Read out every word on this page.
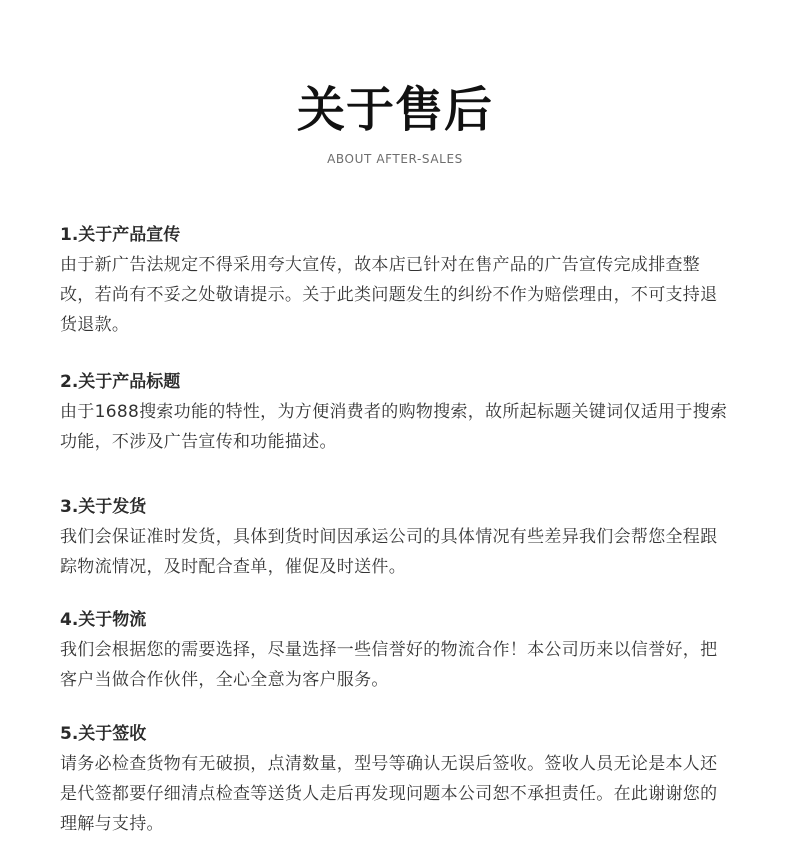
关于售后
ABOUT AFTER-SALES
1.关于产品宣传

由于新广告法规定不得采用夸大宣传，故本店已针对在售产品的广告宣传完成排查整改，若尚有不妥之处敬请提示。关于此类问题发生的纠纷不作为赔偿理由，不可支持退货退款。

2.关于产品标题

由于1688搜索功能的特性，为方便消费者的购物搜索，故所起标题关键词仅适用于搜索功能，不涉及广告宣传和功能描述。

3.关于发货

我们会保证准时发货，具体到货时间因承运公司的具体情况有些差异我们会帮您全程跟踪物流情况，及时配合查单，催促及时送件。

4.关于物流

我们会根据您的需要选择，尽量选择一些信誉好的物流合作！本公司历来以信誉好，把客户当做合作伙伴，全心全意为客户服务。

5.关于签收

请务必检查货物有无破损，点清数量，型号等确认无误后签收。签收人员无论是本人还是代签都要仔细清点检查等送货人走后再发现问题本公司恕不承担责任。在此谢谢您的理解与支持。
